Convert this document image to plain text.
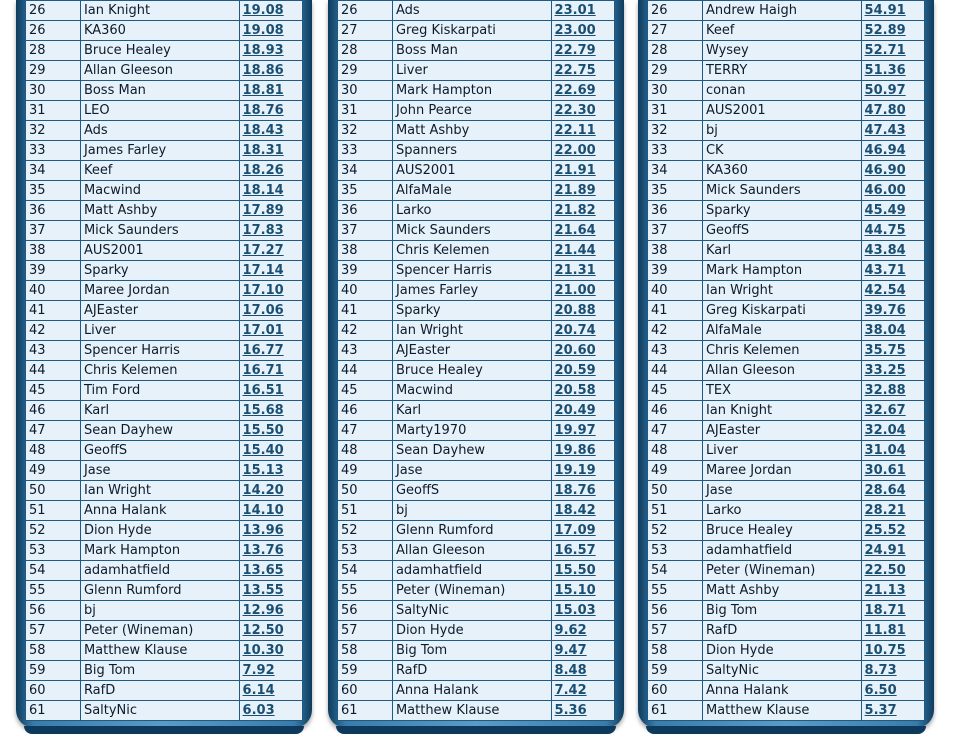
26	Ian Knight	19.08
26	KA360	19.08
28	Bruce Healey	18.93
29	Allan Gleeson	18.86
30	Boss Man	18.81
31	LEO	18.76
32	Ads	18.43
33	James Farley	18.31
34	Keef	18.26
35	Macwind	18.14
36	Matt Ashby	17.89
37	Mick Saunders	17.83
38	AUS2001	17.27
39	Sparky	17.14
40	Maree Jordan	17.10
41	AJEaster	17.06
42	Liver	17.01
43	Spencer Harris	16.77
44	Chris Kelemen	16.71
45	Tim Ford	16.51
46	Karl	15.68
47	Sean Dayhew	15.50
48	GeoffS	15.40
49	Jase	15.13
50	Ian Wright	14.20
51	Anna Halank	14.10
52	Dion Hyde	13.96
53	Mark Hampton	13.76
54	adamhatfield	13.65
55	Glenn Rumford	13.55
56	bj	12.96
57	Peter (Wineman)	12.50
58	Matthew Klause	10.30
59	Big Tom	7.92
60	RafD	6.14
61	SaltyNic	6.03
26	Ads	23.01
27	Greg Kiskarpati	23.00
28	Boss Man	22.79
29	Liver	22.75
30	Mark Hampton	22.69
31	John Pearce	22.30
32	Matt Ashby	22.11
33	Spanners	22.00
34	AUS2001	21.91
35	AlfaMale	21.89
36	Larko	21.82
37	Mick Saunders	21.64
38	Chris Kelemen	21.44
39	Spencer Harris	21.31
40	James Farley	21.00
41	Sparky	20.88
42	Ian Wright	20.74
43	AJEaster	20.60
44	Bruce Healey	20.59
45	Macwind	20.58
46	Karl	20.49
47	Marty1970	19.97
48	Sean Dayhew	19.86
49	Jase	19.19
50	GeoffS	18.76
51	bj	18.42
52	Glenn Rumford	17.09
53	Allan Gleeson	16.57
54	adamhatfield	15.50
55	Peter (Wineman)	15.10
56	SaltyNic	15.03
57	Dion Hyde	9.62
58	Big Tom	9.47
59	RafD	8.48
60	Anna Halank	7.42
61	Matthew Klause	5.36
26	Andrew Haigh	54.91
27	Keef	52.89
28	Wysey	52.71
29	TERRY	51.36
30	conan	50.97
31	AUS2001	47.80
32	bj	47.43
33	CK	46.94
34	KA360	46.90
35	Mick Saunders	46.00
36	Sparky	45.49
37	GeoffS	44.75
38	Karl	43.84
39	Mark Hampton	43.71
40	Ian Wright	42.54
41	Greg Kiskarpati	39.76
42	AlfaMale	38.04
43	Chris Kelemen	35.75
44	Allan Gleeson	33.25
45	TEX	32.88
46	Ian Knight	32.67
47	AJEaster	32.04
48	Liver	31.04
49	Maree Jordan	30.61
50	Jase	28.64
51	Larko	28.21
52	Bruce Healey	25.52
53	adamhatfield	24.91
54	Peter (Wineman)	22.50
55	Matt Ashby	21.13
56	Big Tom	18.71
57	RafD	11.81
58	Dion Hyde	10.75
59	SaltyNic	8.73
60	Anna Halank	6.50
61	Matthew Klause	5.37
